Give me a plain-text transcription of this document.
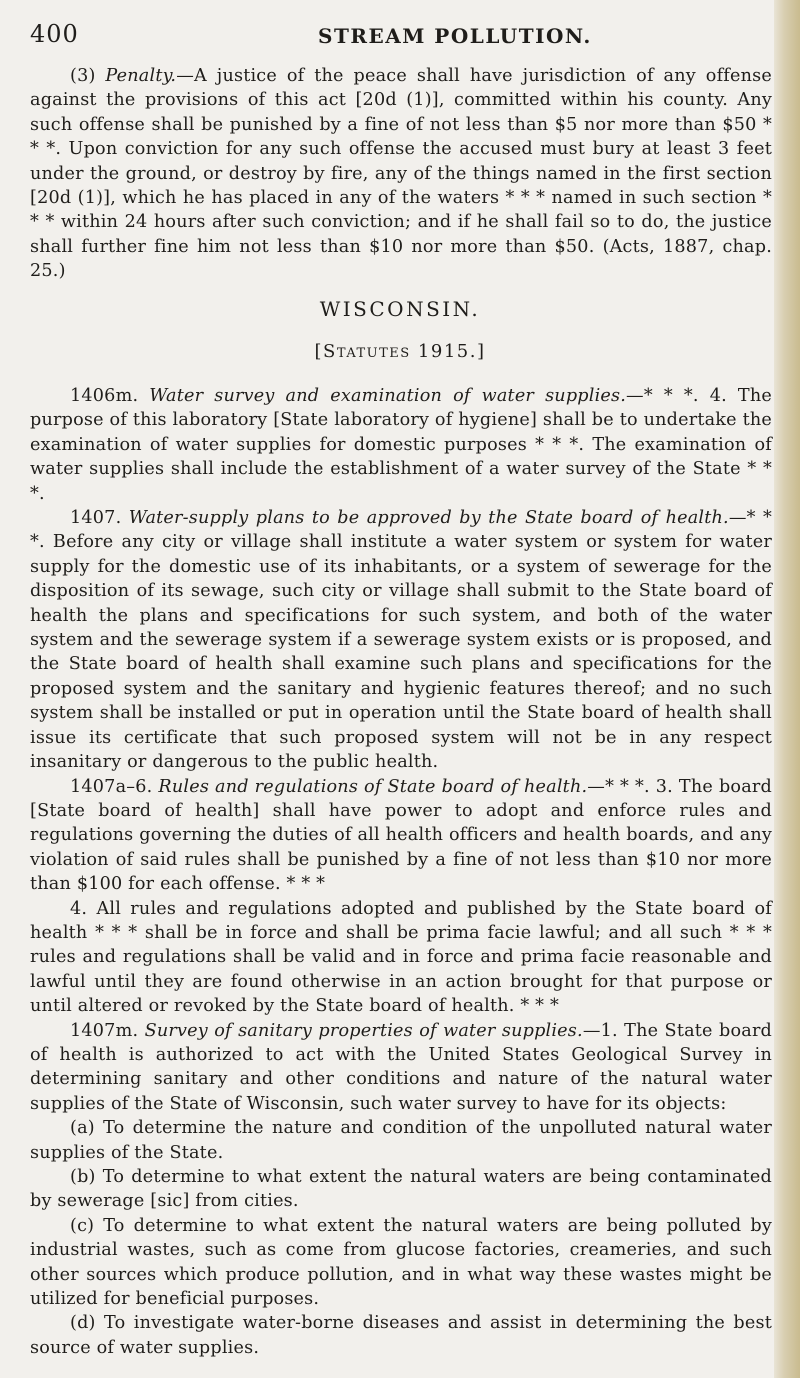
400	STREAM POLLUTION.

(3) Penalty.—A justice of the peace shall have jurisdiction of any offense against the provisions of this act [20d (1)], committed within his county. Any such offense shall be punished by a fine of not less than $5 nor more than $50 * * *. Upon conviction for any such offense the accused must bury at least 3 feet under the ground, or destroy by fire, any of the things named in the first section [20d (1)], which he has placed in any of the waters * * * named in such section * * * within 24 hours after such conviction; and if he shall fail so to do, the justice shall further fine him not less than $10 nor more than $50. (Acts, 1887, chap. 25.)

WISCONSIN.
[Statutes 1915.]

1406m. Water survey and examination of water supplies.—* * *. 4. The purpose of this laboratory [State laboratory of hygiene] shall be to undertake the examination of water supplies for domestic purposes * * *. The examination of water supplies shall include the establishment of a water survey of the State * * *.

1407. Water-supply plans to be approved by the State board of health.—* * *. Before any city or village shall institute a water system or system for water supply for the domestic use of its inhabitants, or a system of sewerage for the disposition of its sewage, such city or village shall submit to the State board of health the plans and specifications for such system, and both of the water system and the sewerage system if a sewerage system exists or is proposed, and the State board of health shall examine such plans and specifications for the proposed system and the sanitary and hygienic features thereof; and no such system shall be installed or put in operation until the State board of health shall issue its certificate that such proposed system will not be in any respect insanitary or dangerous to the public health.

1407a–6. Rules and regulations of State board of health.—* * *. 3. The board [State board of health] shall have power to adopt and enforce rules and regulations governing the duties of all health officers and health boards, and any violation of said rules shall be punished by a fine of not less than $10 nor more than $100 for each offense. * * *

4. All rules and regulations adopted and published by the State board of health * * * shall be in force and shall be prima facie lawful; and all such * * * rules and regulations shall be valid and in force and prima facie reasonable and lawful until they are found otherwise in an action brought for that purpose or until altered or revoked by the State board of health. * * *

1407m. Survey of sanitary properties of water supplies.—1. The State board of health is authorized to act with the United States Geological Survey in determining sanitary and other conditions and nature of the natural water supplies of the State of Wisconsin, such water survey to have for its objects:

(a) To determine the nature and condition of the unpolluted natural water supplies of the State.

(b) To determine to what extent the natural waters are being contaminated by sewerage [sic] from cities.

(c) To determine to what extent the natural waters are being polluted by industrial wastes, such as come from glucose factories, creameries, and such other sources which produce pollution, and in what way these wastes might be utilized for beneficial purposes.

(d) To investigate water-borne diseases and assist in determining the best source of water supplies.
